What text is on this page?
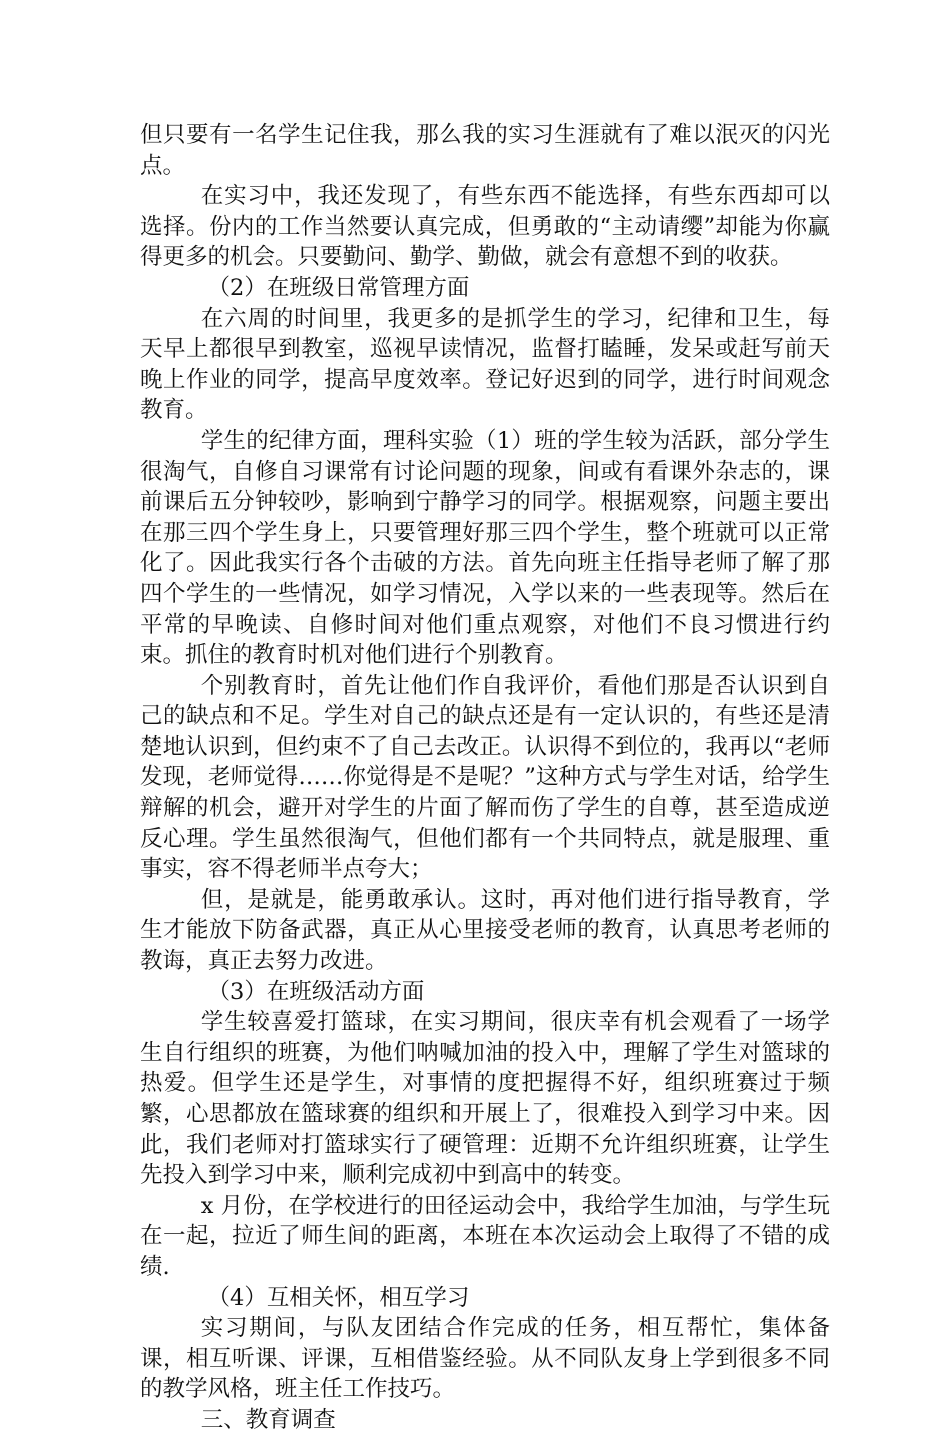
但只要有一名学生记住我，那么我的实习生涯就有了难以泯灭的闪光点。

在实习中，我还发现了，有些东西不能选择，有些东西却可以选择。份内的工作当然要认真完成，但勇敢的“主动请缨”却能为你赢得更多的机会。只要勤问、勤学、勤做，就会有意想不到的收获。

（2）在班级日常管理方面

在六周的时间里，我更多的是抓学生的学习，纪律和卫生，每天早上都很早到教室，巡视早读情况，监督打瞌睡，发呆或赶写前天晚上作业的同学，提高早度效率。登记好迟到的同学，进行时间观念教育。

学生的纪律方面，理科实验（1）班的学生较为活跃，部分学生很淘气，自修自习课常有讨论问题的现象，间或有看课外杂志的，课前课后五分钟较吵，影响到宁静学习的同学。根据观察，问题主要出在那三四个学生身上，只要管理好那三四个学生，整个班就可以正常化了。因此我实行各个击破的方法。首先向班主任指导老师了解了那四个学生的一些情况，如学习情况，入学以来的一些表现等。然后在平常的早晚读、自修时间对他们重点观察，对他们不良习惯进行约束。抓住的教育时机对他们进行个别教育。

个别教育时，首先让他们作自我评价，看他们那是否认识到自己的缺点和不足。学生对自己的缺点还是有一定认识的，有些还是清楚地认识到，但约束不了自己去改正。认识得不到位的，我再以“老师发现，老师觉得……你觉得是不是呢？”这种方式与学生对话，给学生辩解的机会，避开对学生的片面了解而伤了学生的自尊，甚至造成逆反心理。学生虽然很淘气，但他们都有一个共同特点，就是服理、重事实，容不得老师半点夸大；

但，是就是，能勇敢承认。这时，再对他们进行指导教育，学生才能放下防备武器，真正从心里接受老师的教育，认真思考老师的教诲，真正去努力改进。

（3）在班级活动方面

学生较喜爱打篮球，在实习期间，很庆幸有机会观看了一场学生自行组织的班赛，为他们呐喊加油的投入中，理解了学生对篮球的热爱。但学生还是学生，对事情的度把握得不好，组织班赛过于频繁，心思都放在篮球赛的组织和开展上了，很难投入到学习中来。因此，我们老师对打篮球实行了硬管理：近期不允许组织班赛，让学生先投入到学习中来，顺利完成初中到高中的转变。

x 月份，在学校进行的田径运动会中，我给学生加油，与学生玩在一起，拉近了师生间的距离，本班在本次运动会上取得了不错的成绩.

（4）互相关怀，相互学习

实习期间，与队友团结合作完成的任务，相互帮忙，集体备课，相互听课、评课，互相借鉴经验。从不同队友身上学到很多不同的教学风格，班主任工作技巧。

三、教育调查
